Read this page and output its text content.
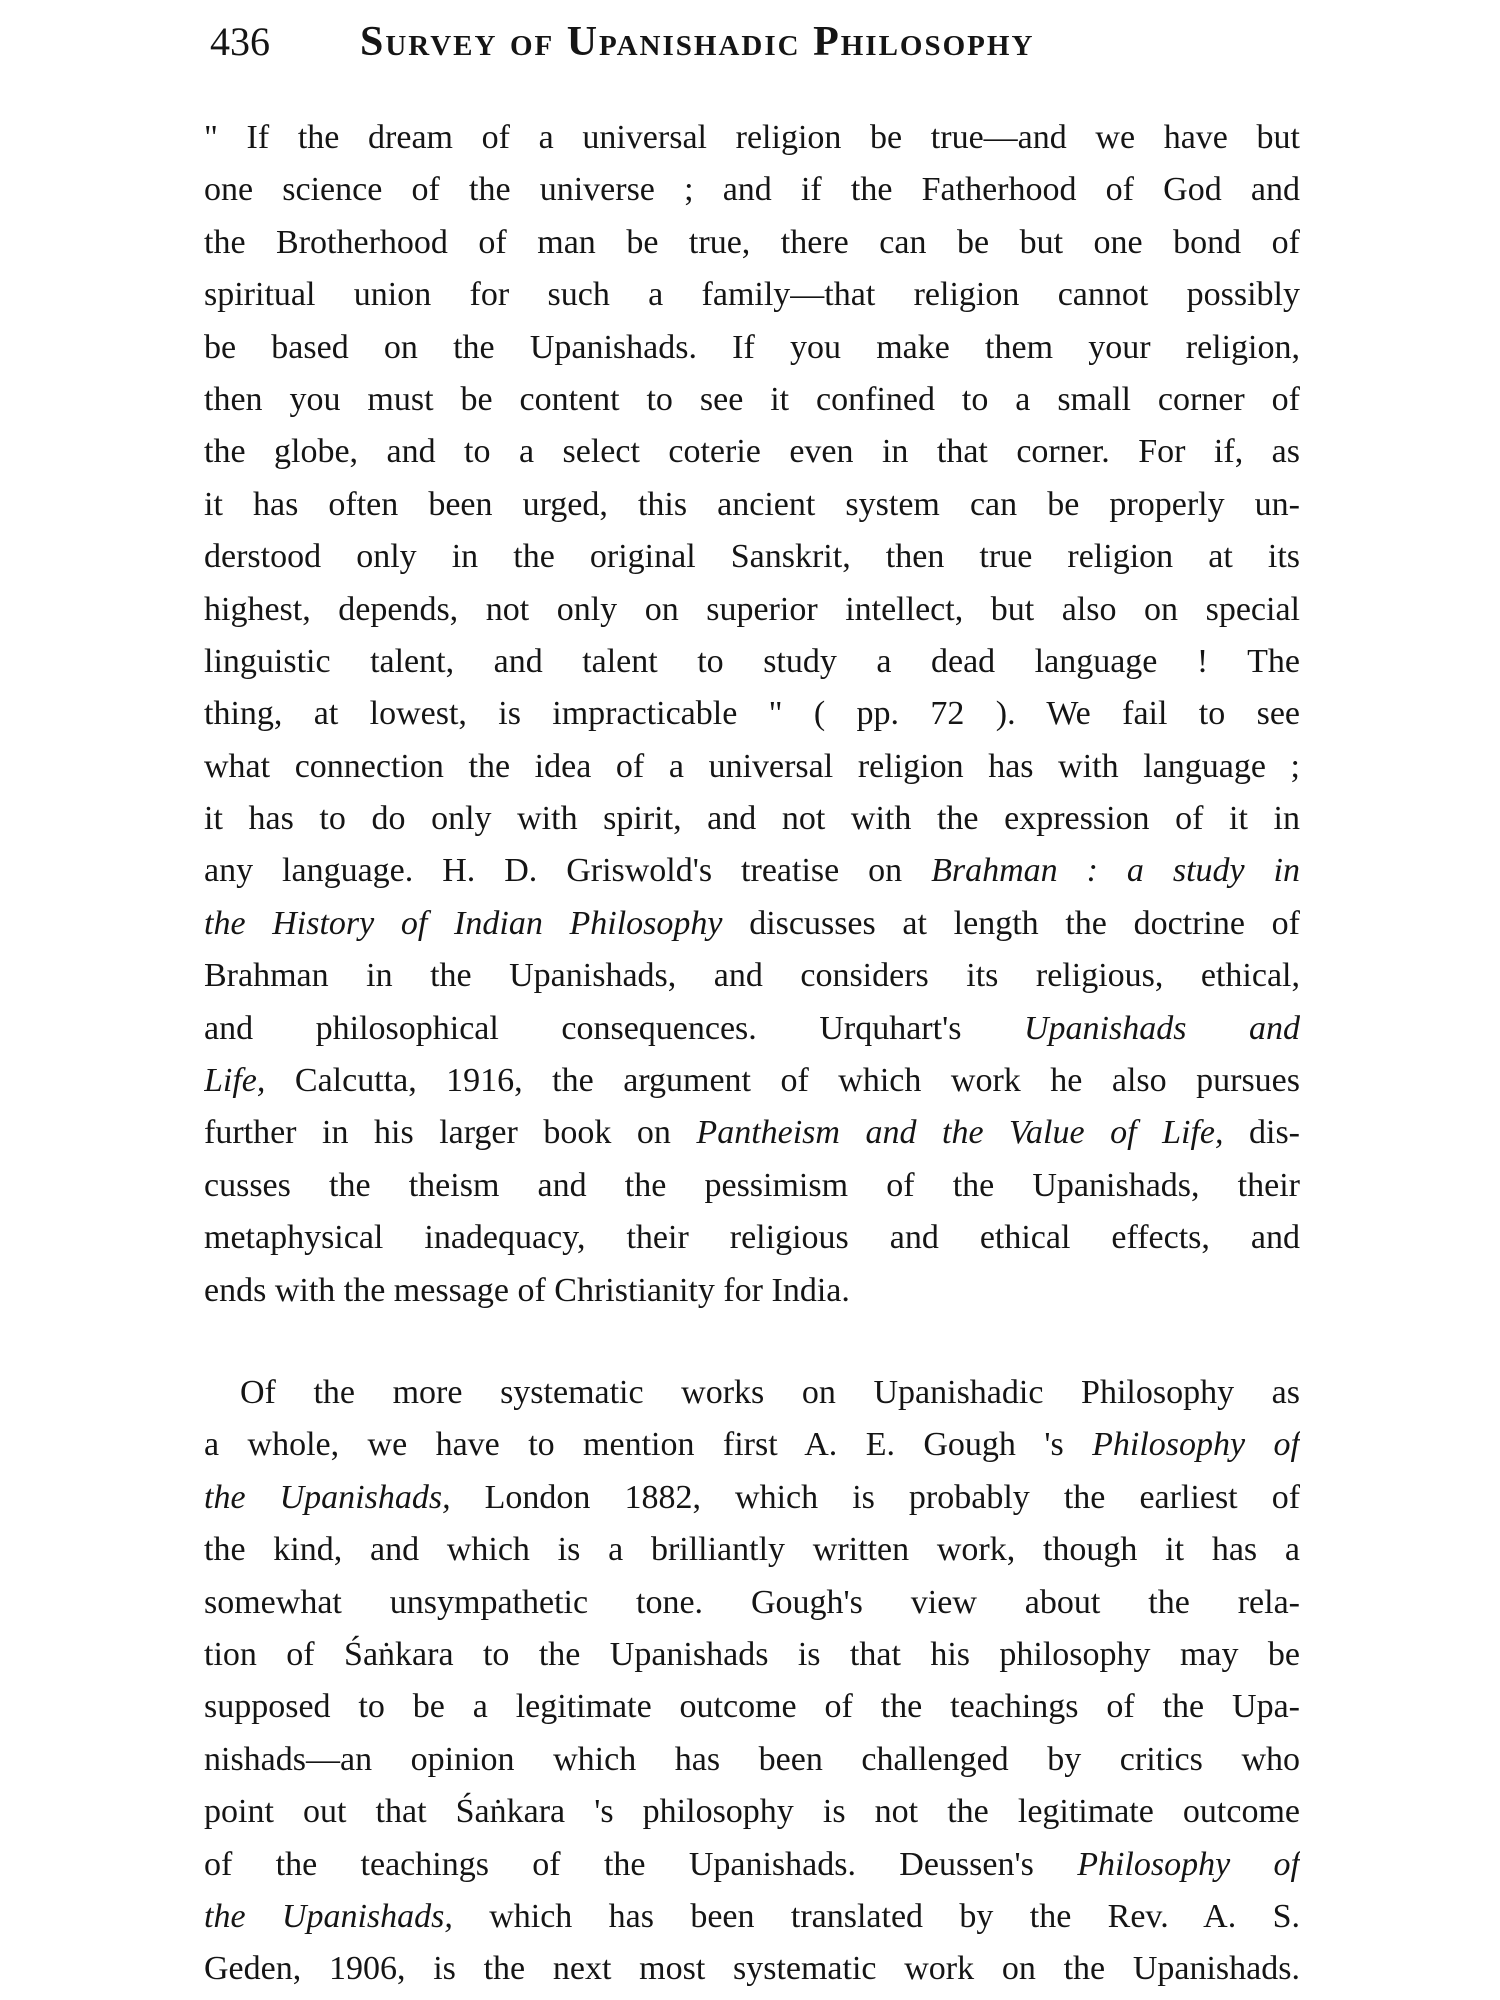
436	Survey of Upanishadic Philosophy
" If the dream of a universal religion be true—and we have but
one science of the universe ; and if the Fatherhood of God and
the Brotherhood of man be true, there can be but one bond of
spiritual union for such a family—that religion cannot possibly
be based on the Upanishads. If you make them your religion,
then you must be content to see it confined to a small corner of
the globe, and to a select coterie even in that corner. For if, as
it has often been urged, this ancient system can be properly un-
derstood only in the original Sanskrit, then true religion at its
highest, depends, not only on superior intellect, but also on special
linguistic talent, and talent to study a dead language ! The
thing, at lowest, is impracticable " ( pp. 72 ). We fail to see
what connection the idea of a universal religion has with language ;
it has to do only with spirit, and not with the expression of it in
any language. H. D. Griswold's treatise on Brahman : a study in
the History of Indian Philosophy discusses at length the doctrine of
Brahman in the Upanishads, and considers its religious, ethical,
and philosophical consequences. Urquhart's Upanishads and
Life, Calcutta, 1916, the argument of which work he also pursues
further in his larger book on Pantheism and the Value of Life, dis-
cusses the theism and the pessimism of the Upanishads, their
metaphysical inadequacy, their religious and ethical effects, and
ends with the message of Christianity for India.
Of the more systematic works on Upanishadic Philosophy as
a whole, we have to mention first A. E. Gough 's Philosophy of
the Upanishads, London 1882, which is probably the earliest of
the kind, and which is a brilliantly written work, though it has a
somewhat unsympathetic tone. Gough's view about the rela-
tion of Śaṅkara to the Upanishads is that his philosophy may be
supposed to be a legitimate outcome of the teachings of the Upa-
nishads—an opinion which has been challenged by critics who
point out that Śaṅkara 's philosophy is not the legitimate outcome
of the teachings of the Upanishads. Deussen's Philosophy of
the Upanishads, which has been translated by the Rev. A. S.
Geden, 1906, is the next most systematic work on the Upanishads.
